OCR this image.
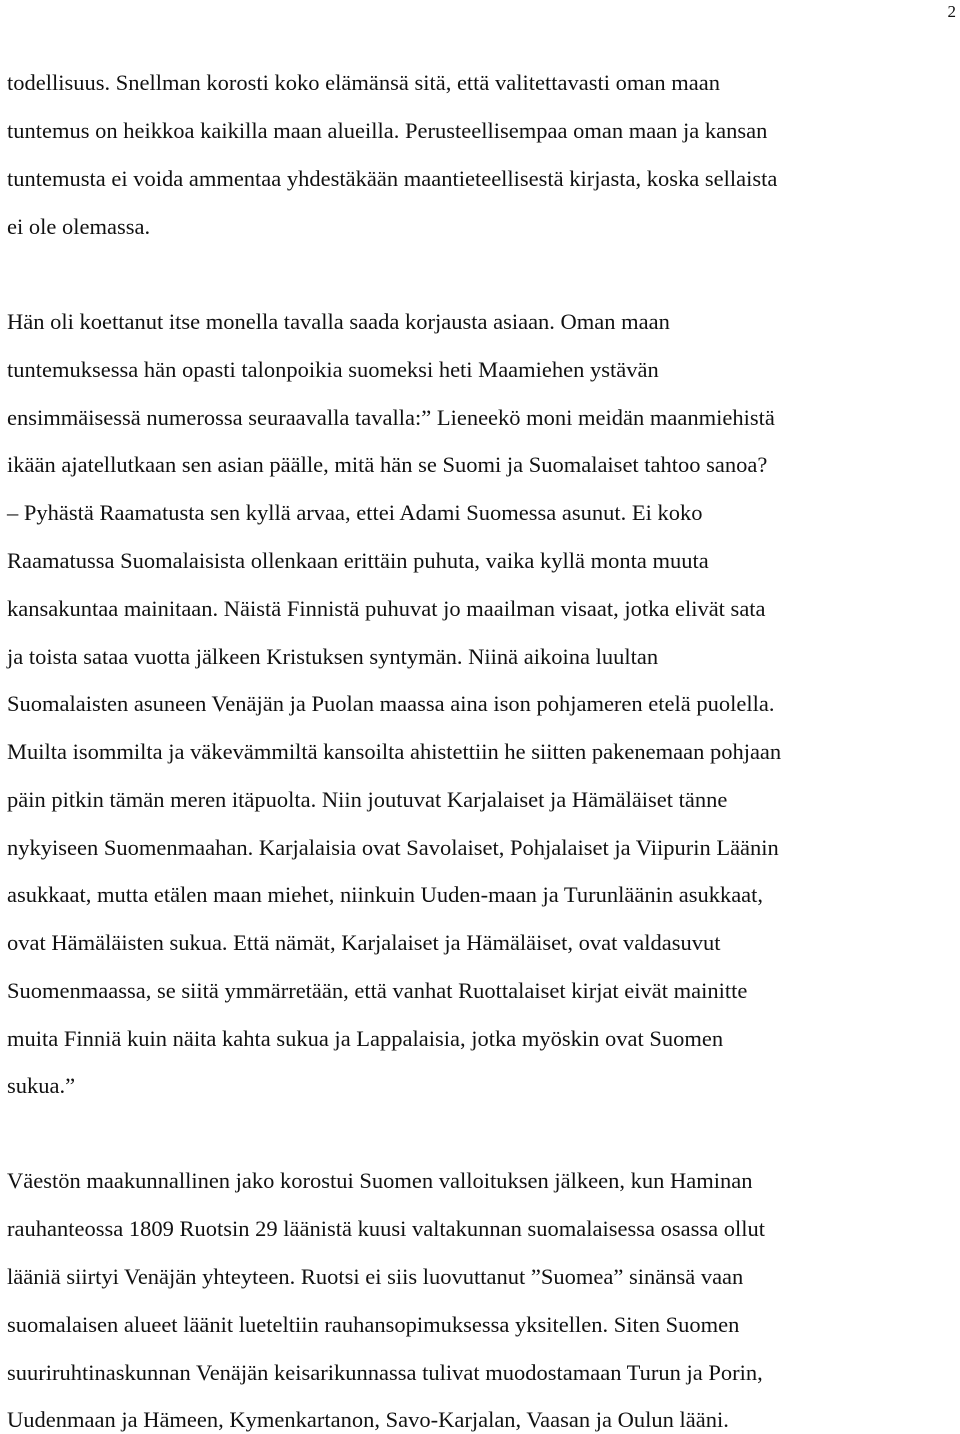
2
todellisuus. Snellman korosti koko elämänsä sitä, että valitettavasti oman maan
tuntemus on heikkoa kaikilla maan alueilla. Perusteellisempaa oman maan ja kansan
tuntemusta ei voida ammentaa yhdestäkään maantieteellisestä kirjasta, koska sellaista
ei ole olemassa.
Hän oli koettanut itse monella tavalla saada korjausta asiaan. Oman maan
tuntemuksessa hän opasti talonpoikia suomeksi heti Maamiehen ystävän
ensimmäisessä numerossa seuraavalla tavalla:” Lieneekö moni meidän maanmiehistä
ikään ajatellutkaan sen asian päälle, mitä hän se Suomi ja Suomalaiset tahtoo sanoa?
– Pyhästä Raamatusta sen kyllä arvaa, ettei Adami Suomessa asunut. Ei koko
Raamatussa Suomalaisista ollenkaan erittäin puhuta, vaika kyllä monta muuta
kansakuntaa mainitaan. Näistä Finnistä puhuvat jo maailman visaat, jotka elivät sata
ja toista sataa vuotta jälkeen Kristuksen syntymän. Niinä aikoina luultan
Suomalaisten asuneen Venäjän ja Puolan maassa aina ison pohjameren etelä puolella.
Muilta isommilta ja väkevämmiltä kansoilta ahistettiin he siitten pakenemaan pohjaan
päin pitkin tämän meren itäpuolta. Niin joutuvat Karjalaiset ja Hämäläiset tänne
nykyiseen Suomenmaahan. Karjalaisia ovat Savolaiset, Pohjalaiset ja Viipurin Läänin
asukkaat, mutta etälen maan miehet, niinkuin Uuden-maan ja Turunläänin asukkaat,
ovat Hämäläisten sukua. Että nämät, Karjalaiset ja Hämäläiset, ovat valdasuvut
Suomenmaassa, se siitä ymmärretään, että vanhat Ruottalaiset kirjat eivät mainitte
muita Finniä kuin näita kahta sukua ja Lappalaisia, jotka myöskin ovat Suomen
sukua.”
Väestön maakunnallinen jako korostui Suomen valloituksen jälkeen, kun Haminan
rauhanteossa 1809 Ruotsin 29 läänistä kuusi valtakunnan suomalaisessa osassa ollut
lääniä siirtyi Venäjän yhteyteen. Ruotsi ei siis luovuttanut ”Suomea” sinänsä vaan
suomalaisen alueet läänit lueteltiin rauhansopimuksessa yksitellen. Siten Suomen
suuriruhtinaskunnan Venäjän keisarikunnassa tulivat muodostamaan Turun ja Porin,
Uudenmaan ja Hämeen, Kymenkartanon, Savo-Karjalan, Vaasan ja Oulun lääni.
